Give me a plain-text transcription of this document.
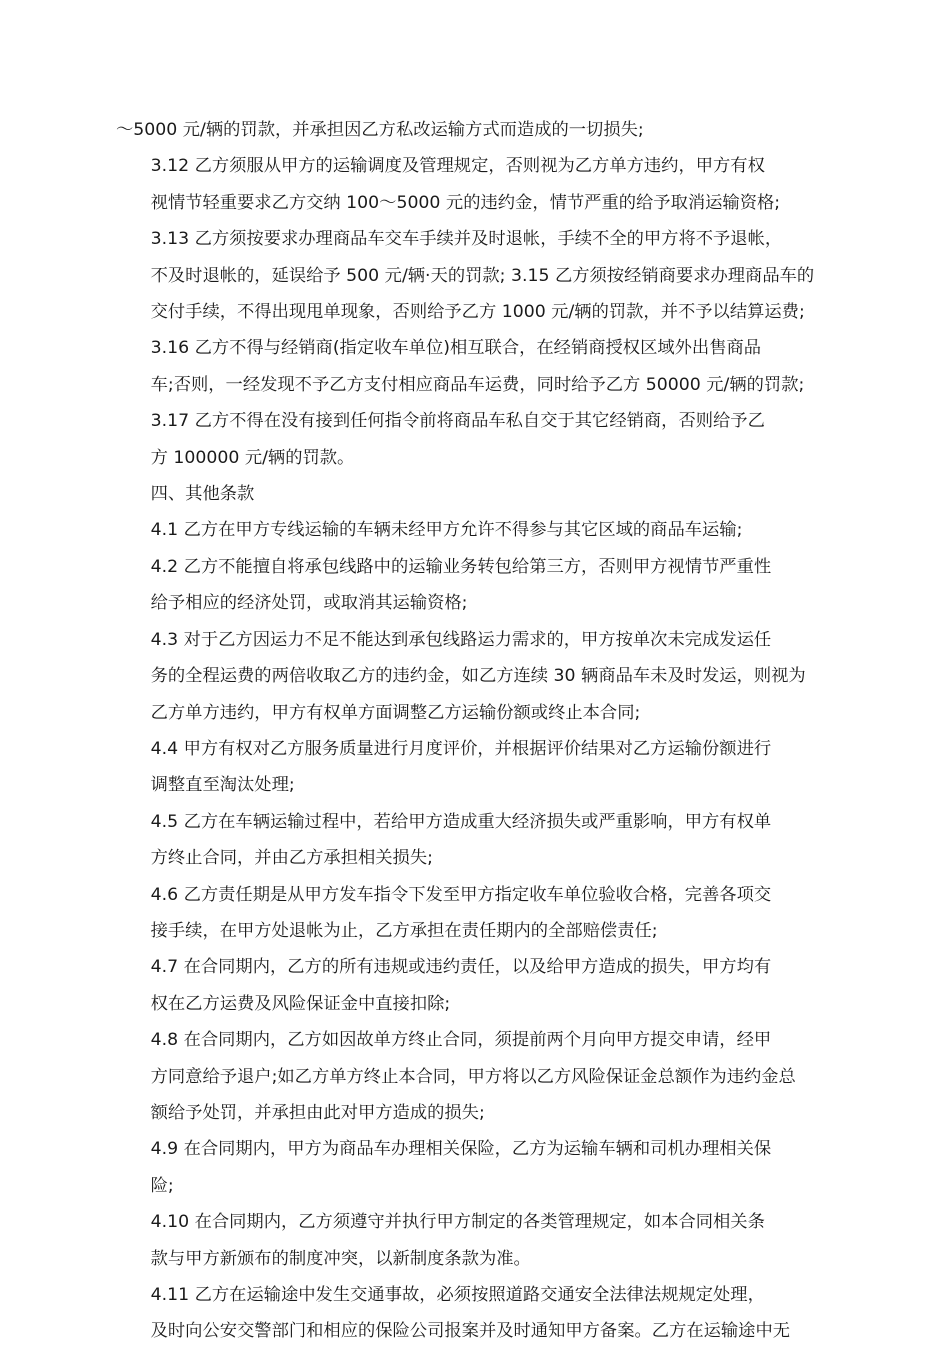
～5000 元/辆的罚款，并承担因乙方私改运输方式而造成的一切损失;

3.12 乙方须服从甲方的运输调度及管理规定，否则视为乙方单方违约，甲方有权
视情节轻重要求乙方交纳 100～5000 元的违约金，情节严重的给予取消运输资格;

3.13 乙方须按要求办理商品车交车手续并及时退帐，手续不全的甲方将不予退帐，
不及时退帐的，延误给予 500 元/辆·天的罚款; 3.15 乙方须按经销商要求办理商品车的
交付手续，不得出现甩单现象，否则给予乙方 1000 元/辆的罚款，并不予以结算运费;

3.16 乙方不得与经销商(指定收车单位)相互联合，在经销商授权区域外出售商品
车;否则，一经发现不予乙方支付相应商品车运费，同时给予乙方 50000 元/辆的罚款;

3.17 乙方不得在没有接到任何指令前将商品车私自交于其它经销商，否则给予乙
方 100000 元/辆的罚款。

四、其他条款

4.1 乙方在甲方专线运输的车辆未经甲方允许不得参与其它区域的商品车运输;

4.2 乙方不能擅自将承包线路中的运输业务转包给第三方，否则甲方视情节严重性
给予相应的经济处罚，或取消其运输资格;

4.3 对于乙方因运力不足不能达到承包线路运力需求的，甲方按单次未完成发运任
务的全程运费的两倍收取乙方的违约金，如乙方连续 30 辆商品车未及时发运，则视为
乙方单方违约，甲方有权单方面调整乙方运输份额或终止本合同;

4.4 甲方有权对乙方服务质量进行月度评价，并根据评价结果对乙方运输份额进行
调整直至淘汰处理;

4.5 乙方在车辆运输过程中，若给甲方造成重大经济损失或严重影响，甲方有权单
方终止合同，并由乙方承担相关损失;

4.6 乙方责任期是从甲方发车指令下发至甲方指定收车单位验收合格，完善各项交
接手续，在甲方处退帐为止，乙方承担在责任期内的全部赔偿责任;

4.7 在合同期内，乙方的所有违规或违约责任，以及给甲方造成的损失，甲方均有
权在乙方运费及风险保证金中直接扣除;

4.8 在合同期内，乙方如因故单方终止合同，须提前两个月向甲方提交申请，经甲
方同意给予退户;如乙方单方终止本合同，甲方将以乙方风险保证金总额作为违约金总
额给予处罚，并承担由此对甲方造成的损失;

4.9 在合同期内，甲方为商品车办理相关保险，乙方为运输车辆和司机办理相关保
险;

4.10 在合同期内，乙方须遵守并执行甲方制定的各类管理规定，如本合同相关条
款与甲方新颁布的制度冲突，以新制度条款为准。

4.11 乙方在运输途中发生交通事故，必须按照道路交通安全法律法规规定处理，
及时向公安交警部门和相应的保险公司报案并及时通知甲方备案。乙方在运输途中无
